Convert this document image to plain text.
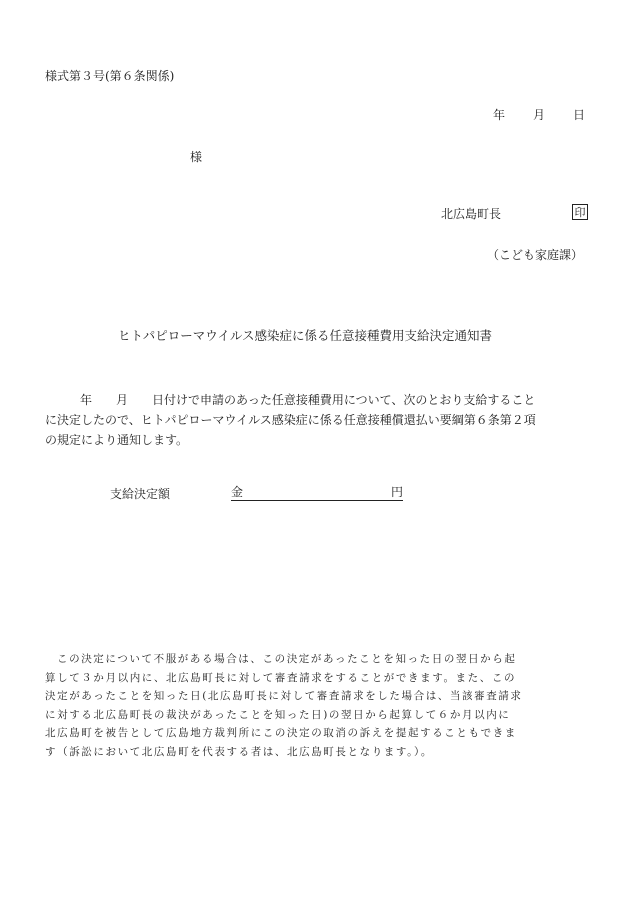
様式第３号(第６条関係)
年 月 日
様
北広島町長	印
（こども家庭課）
ヒトパピローマウイルス感染症に係る任意接種費用支給決定通知書
年　　月　　日付けで申請のあった任意接種費用について、次のとおり支給すること
に決定したので、ヒトパピローマウイルス感染症に係る任意接種償還払い要綱第６条第２項
の規定により通知します。
支給決定額	金	円
この決定について不服がある場合は、この決定があったことを知った日の翌日から起
算して３か月以内に、北広島町長に対して審査請求をすることができます。また、この
決定があったことを知った日(北広島町長に対して審査請求をした場合は、当該審査請求
に対する北広島町長の裁決があったことを知った日)の翌日から起算して６か月以内に
北広島町を被告として広島地方裁判所にこの決定の取消の訴えを提起することもできま
す（訴訟において北広島町を代表する者は、北広島町長となります。）。
